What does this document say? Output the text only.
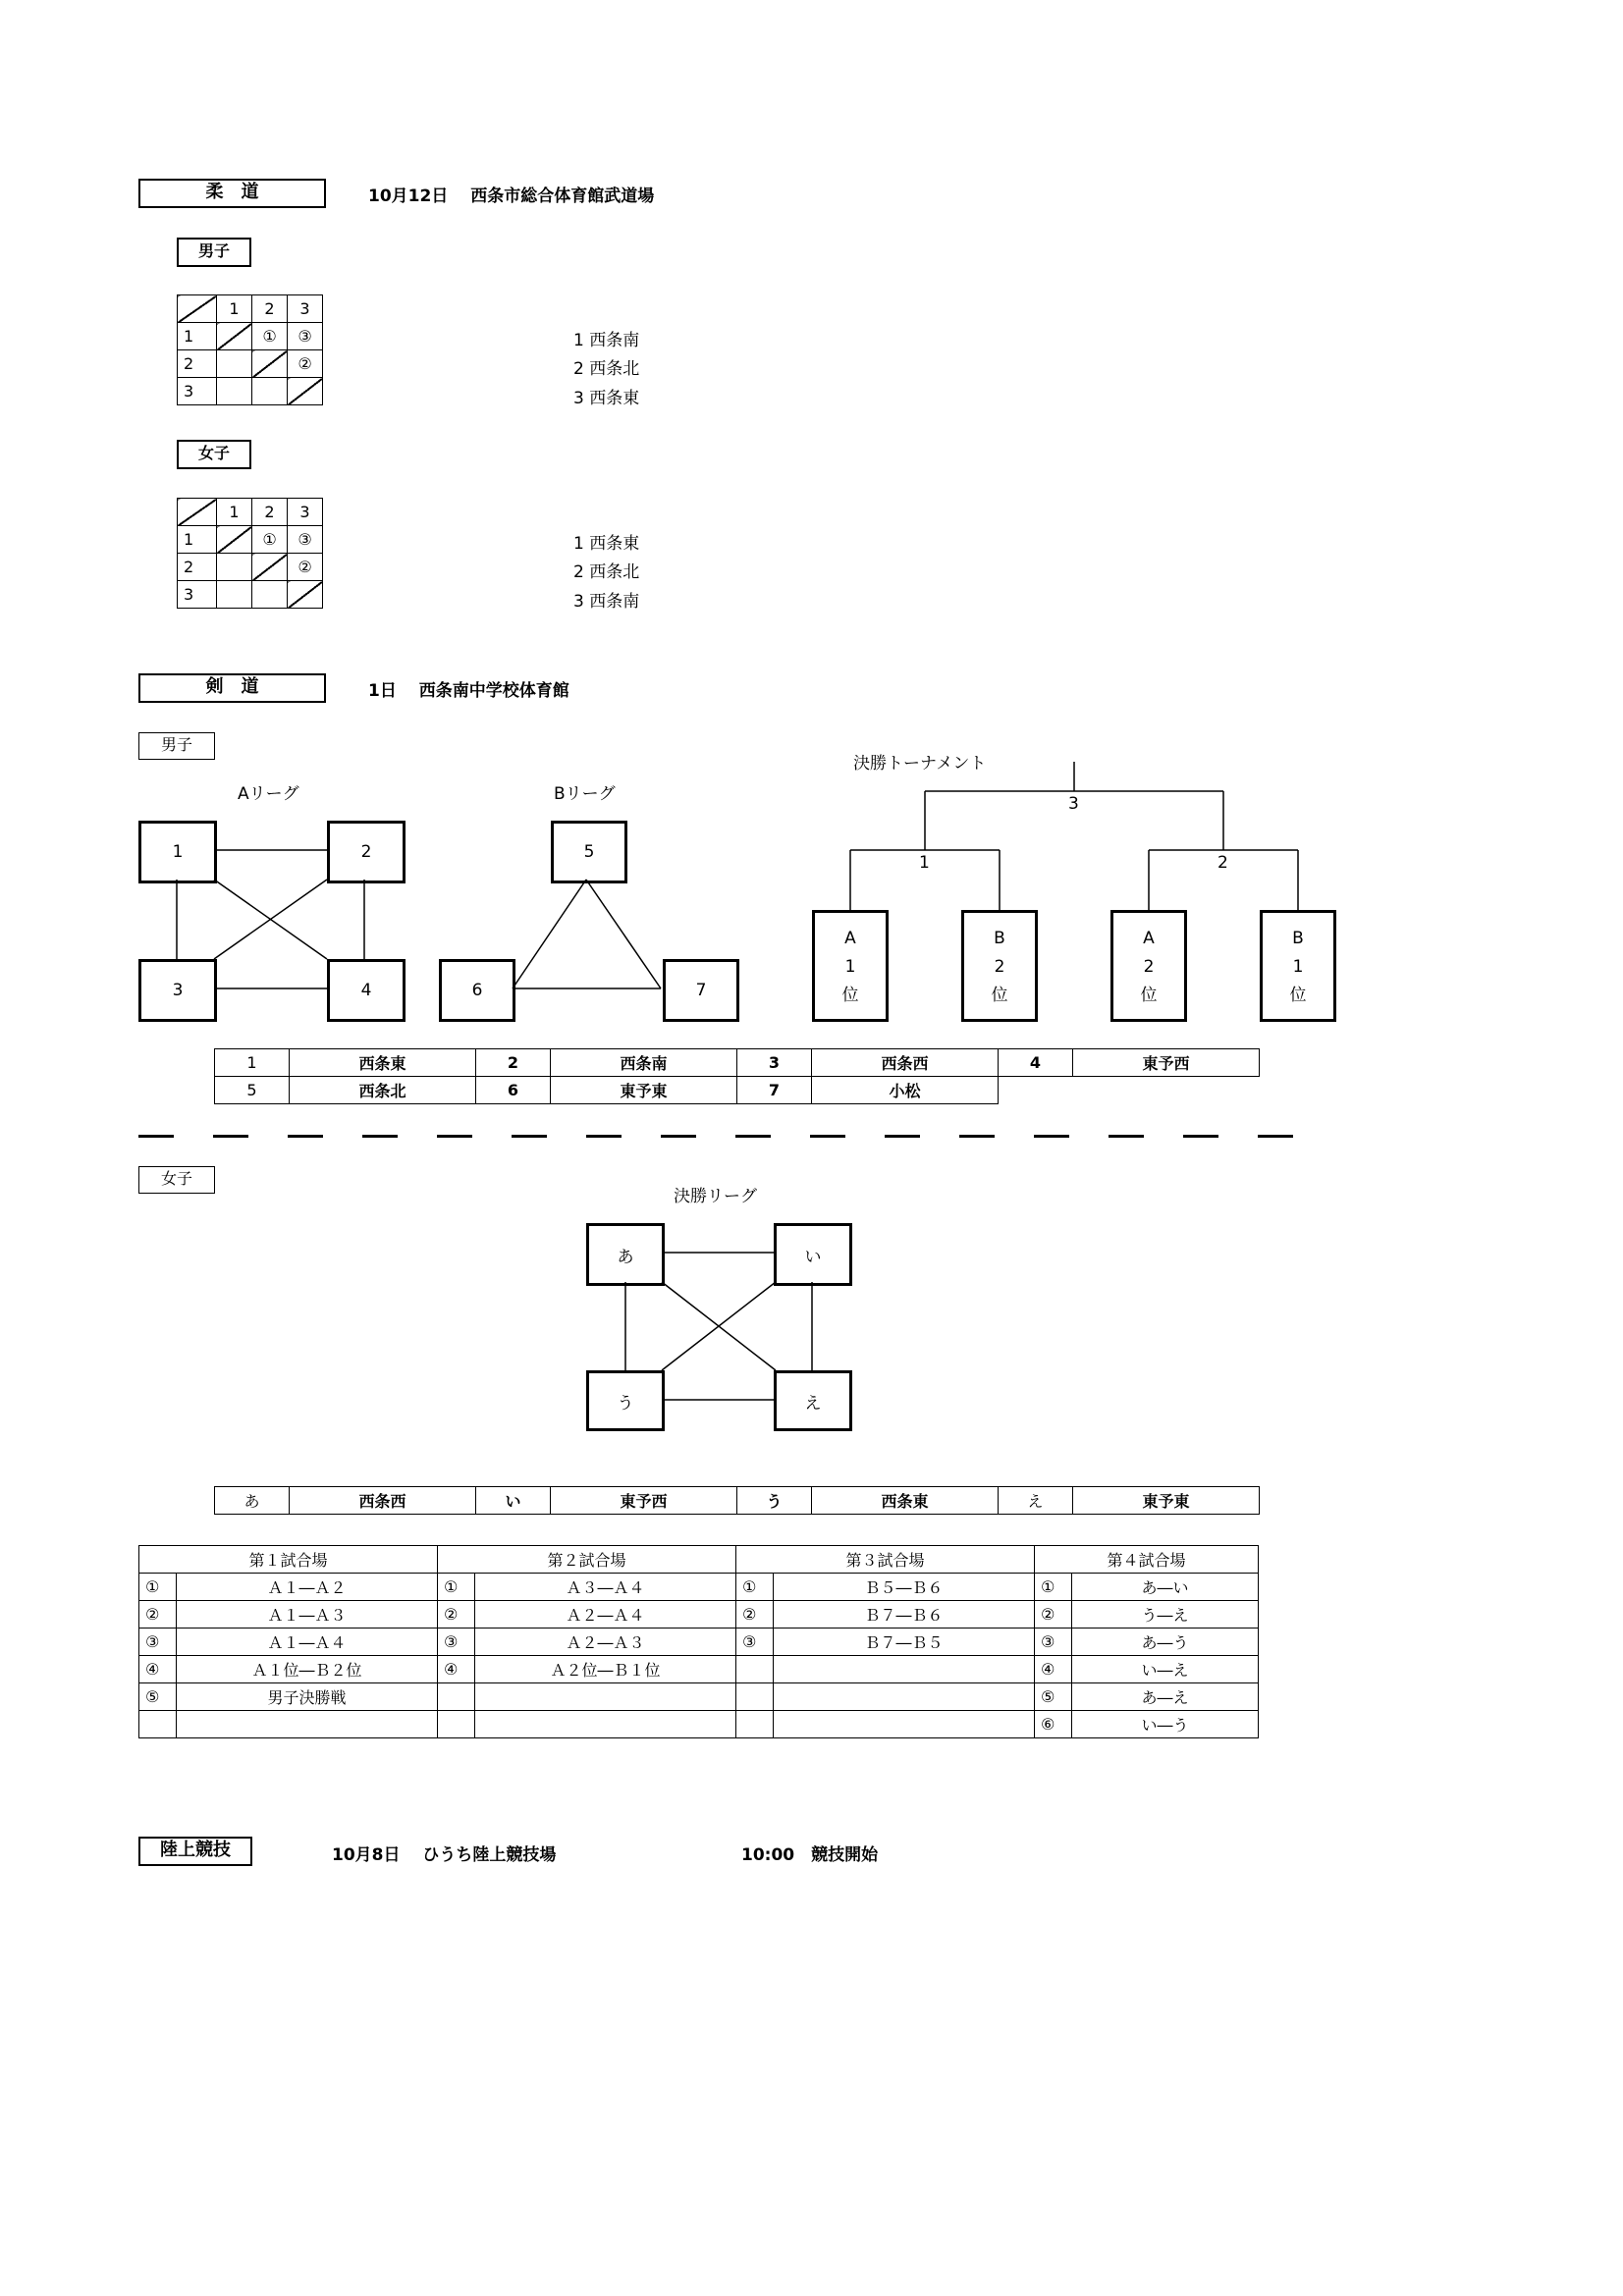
柔　道	10月12日　 西条市総合体育館武道場
男子
	1	2	3
1		①	③
2			②
3			
1 西条南
2 西条北
3 西条東
女子
	1	2	3
1		①	③
2			②
3			
1 西条東
2 西条北
3 西条南
剣　道	1日　 西条南中学校体育館
男子
Aリーグ
1	2
3	4
Bリーグ
5
6	7
決勝トーナメント
3
1	2
A
1
位
B
2
位
A
2
位
B
1
位
1	西条東	2	西条南	3	西条西	4	東予西
5	西条北	6	東予東	7	小松		
女子
決勝リーグ
あ	い
う	え
あ	西条西	い	東予西	う	西条東	え	東予東
第１試合場		第２試合場		第３試合場		第４試合場	
①	Ａ１―Ａ２	①	Ａ３―Ａ４	①	Ｂ５―Ｂ６	①	あ―い
②	Ａ１―Ａ３	②	Ａ２―Ａ４	②	Ｂ７―Ｂ６	②	う―え
③	Ａ１―Ａ４	③	Ａ２―Ａ３	③	Ｂ７―Ｂ５	③	あ―う
④	Ａ１位―Ｂ２位	④	Ａ２位―Ｂ１位			④	い―え
⑤	男子決勝戦					⑤	あ―え
						⑥	い―う
陸上競技	10月8日　 ひうち陸上競技場	10:00　競技開始
